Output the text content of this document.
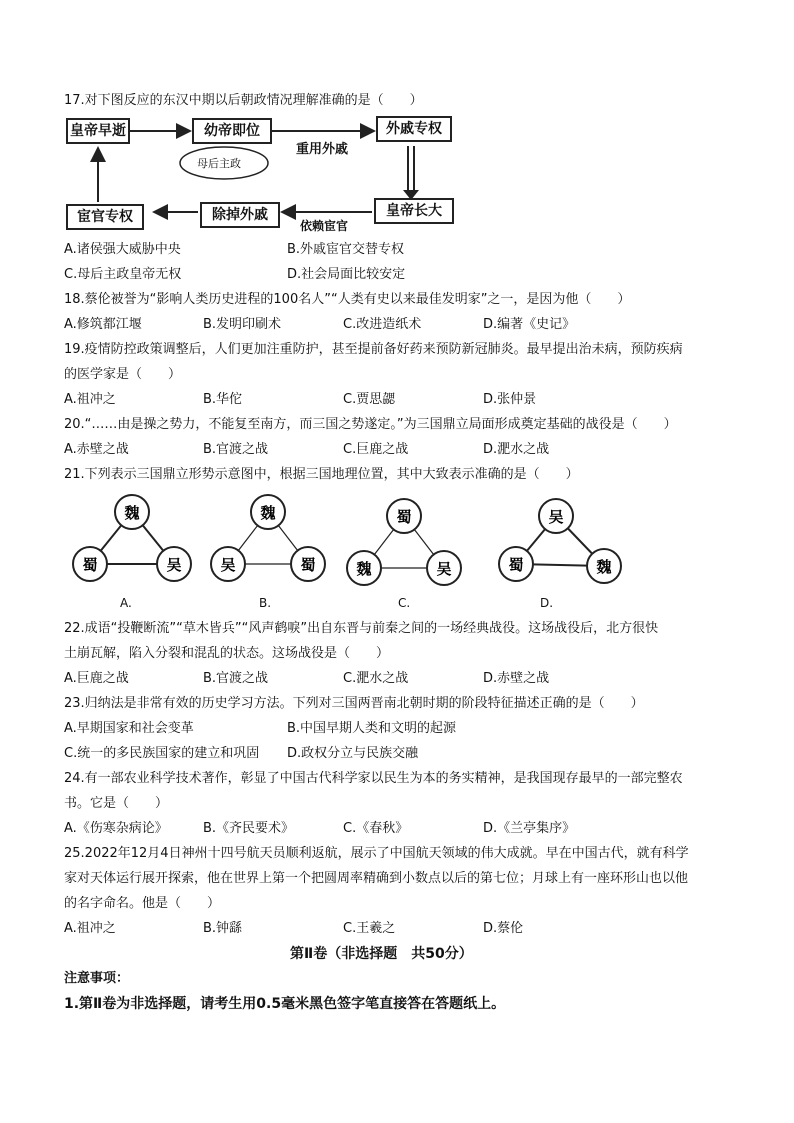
17.对下图反应的东汉中期以后朝政情况理解准确的是（　　）
皇帝早逝	幼帝即位	外戚专权
皇帝长大
除掉外戚
宦官专权
母后主政
重用外戚
依赖宦官
A.诸侯强大威胁中央	B.外戚宦官交替专权
C.母后主政皇帝无权	D.社会局面比较安定
18.蔡伦被誉为“影响人类历史进程的100名人”“人类有史以来最佳发明家”之一，是因为他（　　）
A.修筑都江堰	B.发明印刷术	C.改进造纸术	D.编著《史记》
19.疫情防控政策调整后，人们更加注重防护，甚至提前备好药来预防新冠肺炎。最早提出治未病，预防疾病
的医学家是（　　）
A.祖冲之	B.华佗	C.贾思勰	D.张仲景
20.“……由是操之势力，不能复至南方，而三国之势遂定。”为三国鼎立局面形成奠定基础的战役是（　　）
A.赤壁之战	B.官渡之战	C.巨鹿之战	D.淝水之战
21.下列表示三国鼎立形势示意图中，根据三国地理位置，其中大致表示准确的是（　　）
魏
蜀	吴
A.
魏
吴	蜀
B.
蜀
魏	吴
C.
吴
蜀	魏
D.
22.成语“投鞭断流”“草木皆兵”“风声鹤唳”出自东晋与前秦之间的一场经典战役。这场战役后，北方很快
土崩瓦解，陷入分裂和混乱的状态。这场战役是（　　）
A.巨鹿之战	B.官渡之战	C.淝水之战	D.赤壁之战
23.归纳法是非常有效的历史学习方法。下列对三国两晋南北朝时期的阶段特征描述正确的是（　　）
A.早期国家和社会变革	B.中国早期人类和文明的起源
C.统一的多民族国家的建立和巩固 D.政权分立与民族交融
24.有一部农业科学技术著作，彰显了中国古代科学家以民生为本的务实精神，是我国现存最早的一部完整农
书。它是（　　）
A.《伤寒杂病论》	B.《齐民要术》	C.《春秋》	D.《兰亭集序》
25.2022年12月4日神州十四号航天员顺利返航，展示了中国航天领域的伟大成就。早在中国古代，就有科学
家对天体运行展开探索，他在世界上第一个把圆周率精确到小数点以后的第七位；月球上有一座环形山也以他
的名字命名。他是（　　）
A.祖冲之	B.钟繇	C.王羲之	D.蔡伦
第Ⅱ卷（非选择题　共50分）
注意事项：
1.第Ⅱ卷为非选择题，请考生用0.5毫米黑色签字笔直接答在答题纸上。
